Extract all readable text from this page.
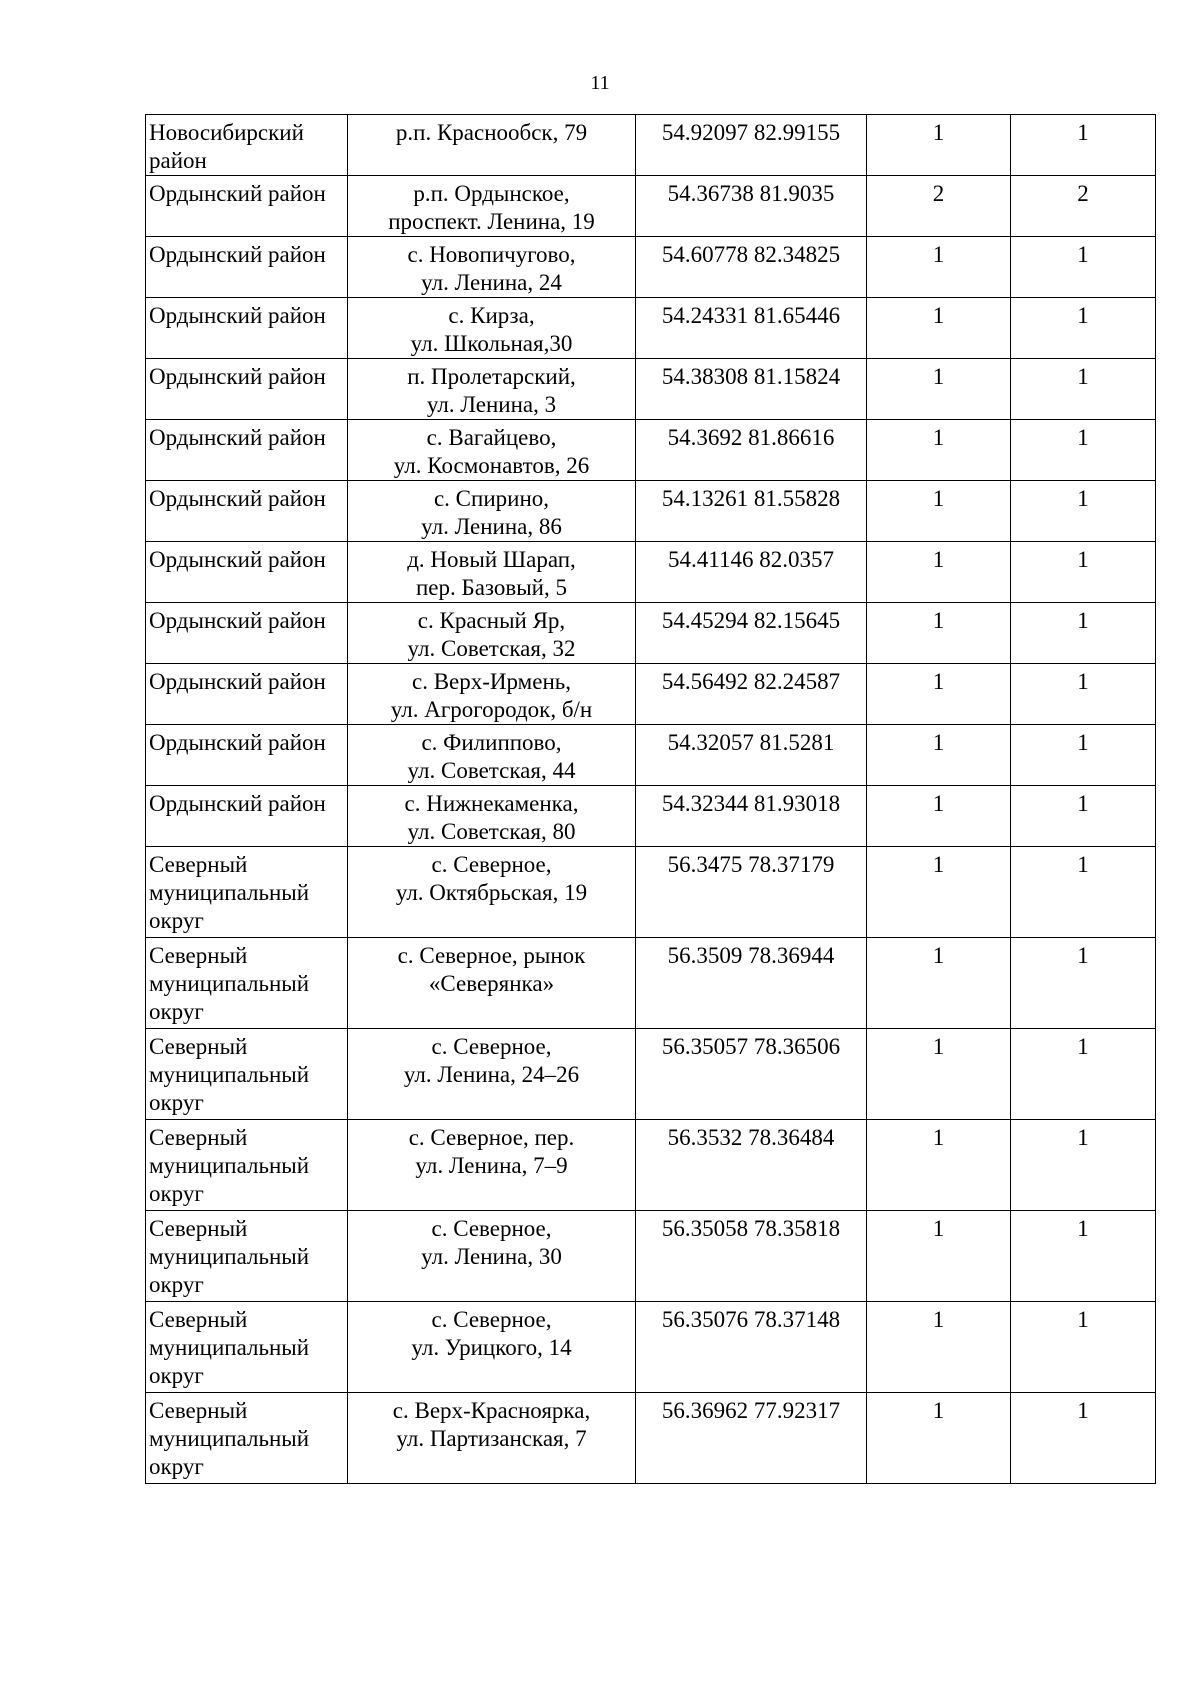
11
Новосибирский
район	р.п. Краснообск, 79	54.92097 82.99155	1	1

Ордынский район	р.п. Ордынское,
проспект. Ленина, 19	54.36738 81.9035	2	2

Ордынский район	с. Новопичугово,
ул. Ленина, 24	54.60778 82.34825	1	1

Ордынский район	с. Кирза,
ул. Школьная,30	54.24331 81.65446	1	1

Ордынский район	п. Пролетарский,
ул. Ленина, 3	54.38308 81.15824	1	1

Ордынский район	с. Вагайцево,
ул. Космонавтов, 26	54.3692 81.86616	1	1

Ордынский район	с. Спирино,
ул. Ленина, 86	54.13261 81.55828	1	1

Ордынский район	д. Новый Шарап,
пер. Базовый, 5	54.41146 82.0357	1	1

Ордынский район	с. Красный Яр,
ул. Советская, 32	54.45294 82.15645	1	1

Ордынский район	с. Верх-Ирмень,
ул. Агрогородок, б/н	54.56492 82.24587	1	1

Ордынский район	с. Филиппово,
ул. Советская, 44	54.32057 81.5281	1	1

Ордынский район	с. Нижнекаменка,
ул. Советская, 80	54.32344 81.93018	1	1

Северный
муниципальный
округ	с. Северное,
ул. Октябрьская, 19	56.3475 78.37179	1	1

Северный
муниципальный
округ	с. Северное, рынок
«Северянка»	56.3509 78.36944	1	1

Северный
муниципальный
округ	с. Северное,
ул. Ленина, 24–26	56.35057 78.36506	1	1

Северный
муниципальный
округ	с. Северное, пер.
ул. Ленина, 7–9	56.3532 78.36484	1	1

Северный
муниципальный
округ	с. Северное,
ул. Ленина, 30	56.35058 78.35818	1	1

Северный
муниципальный
округ	с. Северное,
ул. Урицкого, 14	56.35076 78.37148	1	1

Северный
муниципальный
округ	с. Верх-Красноярка,
ул. Партизанская, 7	56.36962 77.92317	1	1
